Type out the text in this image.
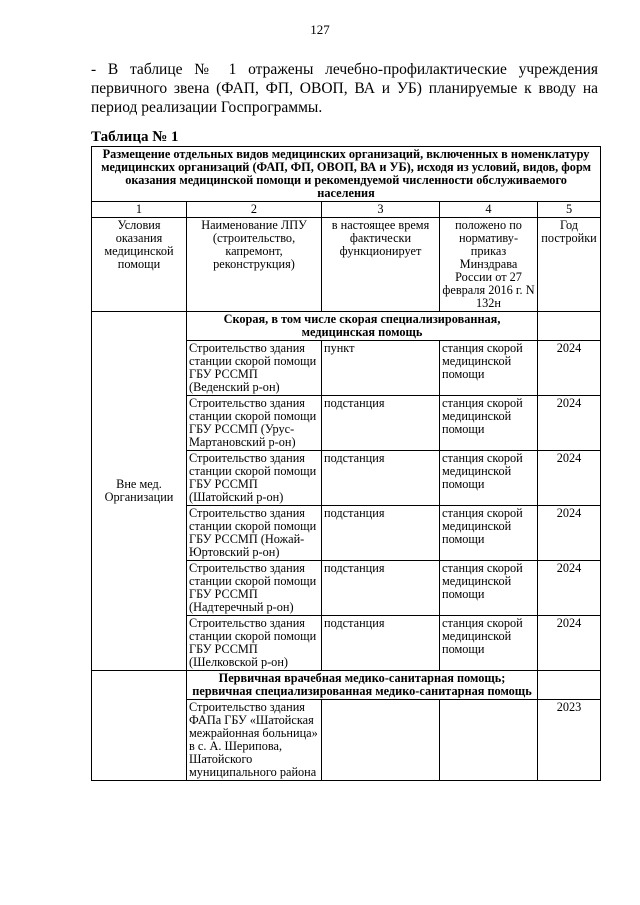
127
- В таблице № 1 отражены лечебно-профилактические учреждения первичного звена (ФАП, ФП, ОВОП, ВА и УБ) планируемые к вводу на период реализации Госпрограммы.
Таблица № 1
Размещение отдельных видов медицинских организаций, включенных в номенклатуру медицинских организаций (ФАП, ФП, ОВОП, ВА и УБ), исходя из условий, видов, форм оказания медицинской помощи и рекомендуемой численности обслуживаемого населения				
1	2	3	4	5
Условия оказания медицинской помощи	Наименование ЛПУ (строительство, капремонт, реконструкция)	в настоящее время фактически функционирует	положено по нормативу-приказ Минздрава России от 27 февраля 2016 г. N 132н	Год постройки
Вне мед. Организации	Скорая, в том числе скорая специализированная, медицинская помощь			
	Строительство здания станции скорой помощи ГБУ РССМП (Веденский р-он)	пункт	станция скорой медицинской помощи	2024
	Строительство здания станции скорой помощи ГБУ РССМП (Урус-Мартановский р-он)	подстанция	станция скорой медицинской помощи	2024
	Строительство здания станции скорой помощи ГБУ РССМП (Шатойский р-он)	подстанция	станция скорой медицинской помощи	2024
	Строительство здания станции скорой помощи ГБУ РССМП (Ножай-Юртовский р-он)	подстанция	станция скорой медицинской помощи	2024
	Строительство здания станции скорой помощи ГБУ РССМП (Надтеречный р-он)	подстанция	станция скорой медицинской помощи	2024
	Строительство здания станции скорой помощи ГБУ РССМП (Шелковской р-он)	подстанция	станция скорой медицинской помощи	2024
	Первичная врачебная медико-санитарная помощь; первичная специализированная медико-санитарная помощь			
	Строительство здания ФАПа ГБУ «Шатойская межрайонная больница» в с. А. Шерипова, Шатойского муниципального района			2023
